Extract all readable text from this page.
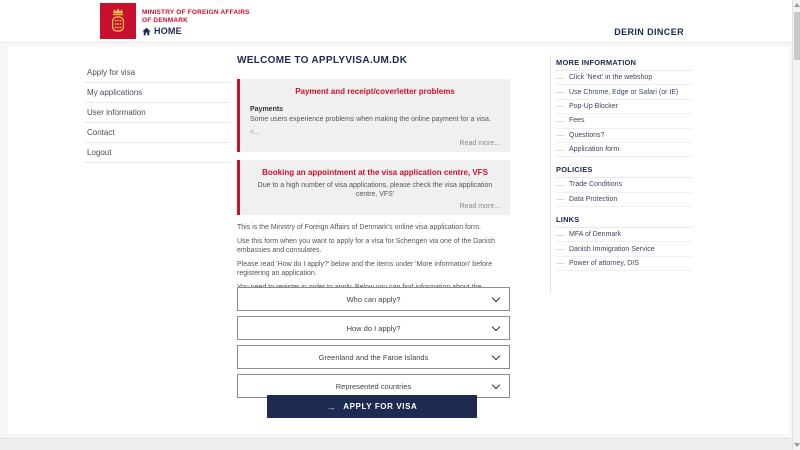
MINISTRY OF FOREIGN AFFAIRS
OF DENMARK
HOME	DERIN DINCER
Apply for visa
My applications
User information
Contact
Logout
WELCOME TO APPLYVISA.UM.DK
Payment and receipt/coverletter problems
Payments
Some users experience problems when making the online payment for a visa.
<...
Read more...
Booking an appointment at the visa application centre, VFS
Due to a high number of visa applications, please check the visa application centre, VFS'
Read more...

This is the Ministry of Foreign Affairs of Denmark's online visa application form.

Use this form when you want to apply for a visa for Schengen via one of the Danish embassies and consulates.

Please read 'How do I apply?' below and the items under 'More information' before registering an application.

Who can apply?
How do I apply?
Greenland and the Faroe Islands
Represented countries
→ APPLY FOR VISA
MORE INFORMATION
Click 'Next' in the webshop
Use Chrome, Edge or Safari (or IE)
Pop-Up Blocker
Fees
Questions?
Application form
POLICIES
Trade Conditions
Data Protection
LINKS
MFA of Denmark
Danish Immigration Service
Power of attorney, DIS
